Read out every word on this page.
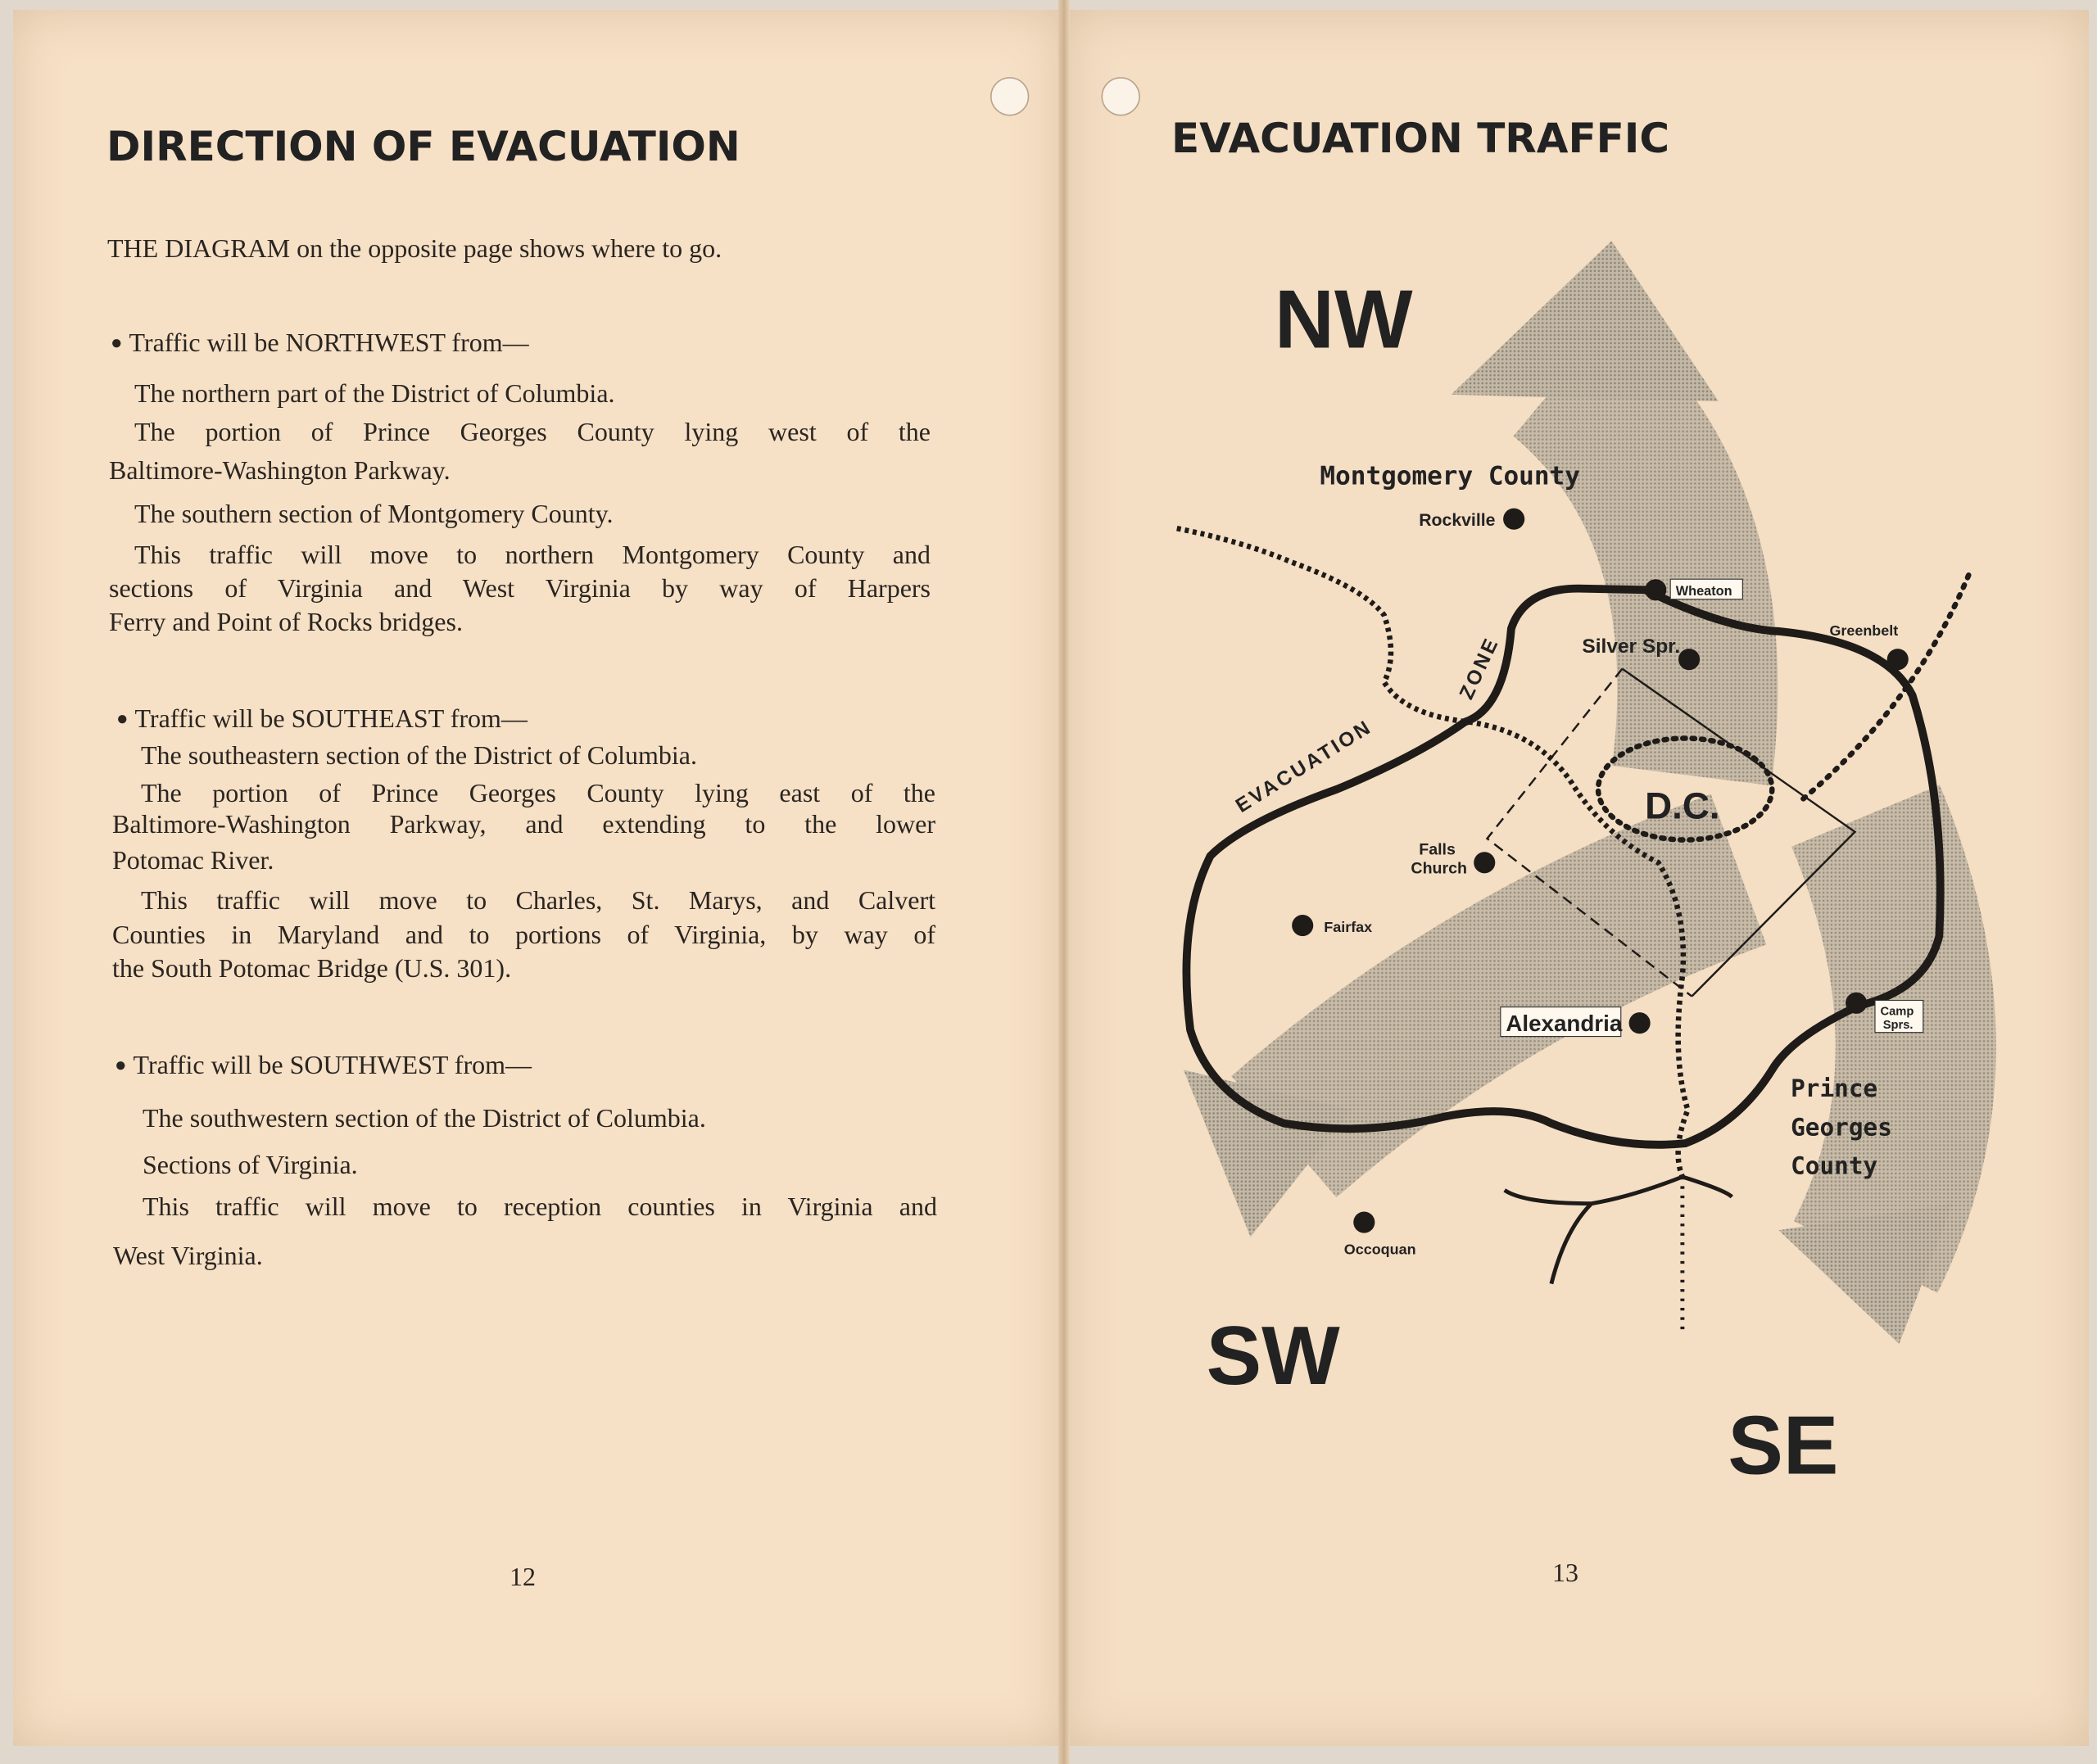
DIRECTION OF EVACUATION
THE DIAGRAM on the opposite page shows where to go.
● Traffic will be NORTHWEST from—
The northern part of the District of Columbia.
The portion of Prince Georges County lying west of the
Baltimore-Washington Parkway.
The southern section of Montgomery County.
This traffic will move to northern Montgomery County and
sections of Virginia and West Virginia by way of Harpers
Ferry and Point of Rocks bridges.
● Traffic will be SOUTHEAST from—
The southeastern section of the District of Columbia.
The portion of Prince Georges County lying east of the
Baltimore-Washington Parkway, and extending to the lower
Potomac River.
This traffic will move to Charles, St. Marys, and Calvert
Counties in Maryland and to portions of Virginia, by way of
the South Potomac Bridge (U.S. 301).
● Traffic will be SOUTHWEST from—
The southwestern section of the District of Columbia.
Sections of Virginia.
This traffic will move to reception counties in Virginia and
West Virginia.
12
EVACUATION TRAFFIC
13
NW
SW
SE
Montgomery County
Rockville
Wheaton
Silver Spr.
Greenbelt
D.C.
Falls
Church
Fairfax
Alexandria	Camp
Sprs.
Prince
Georges
County
Occoquan
EVACUATION
ZONE
